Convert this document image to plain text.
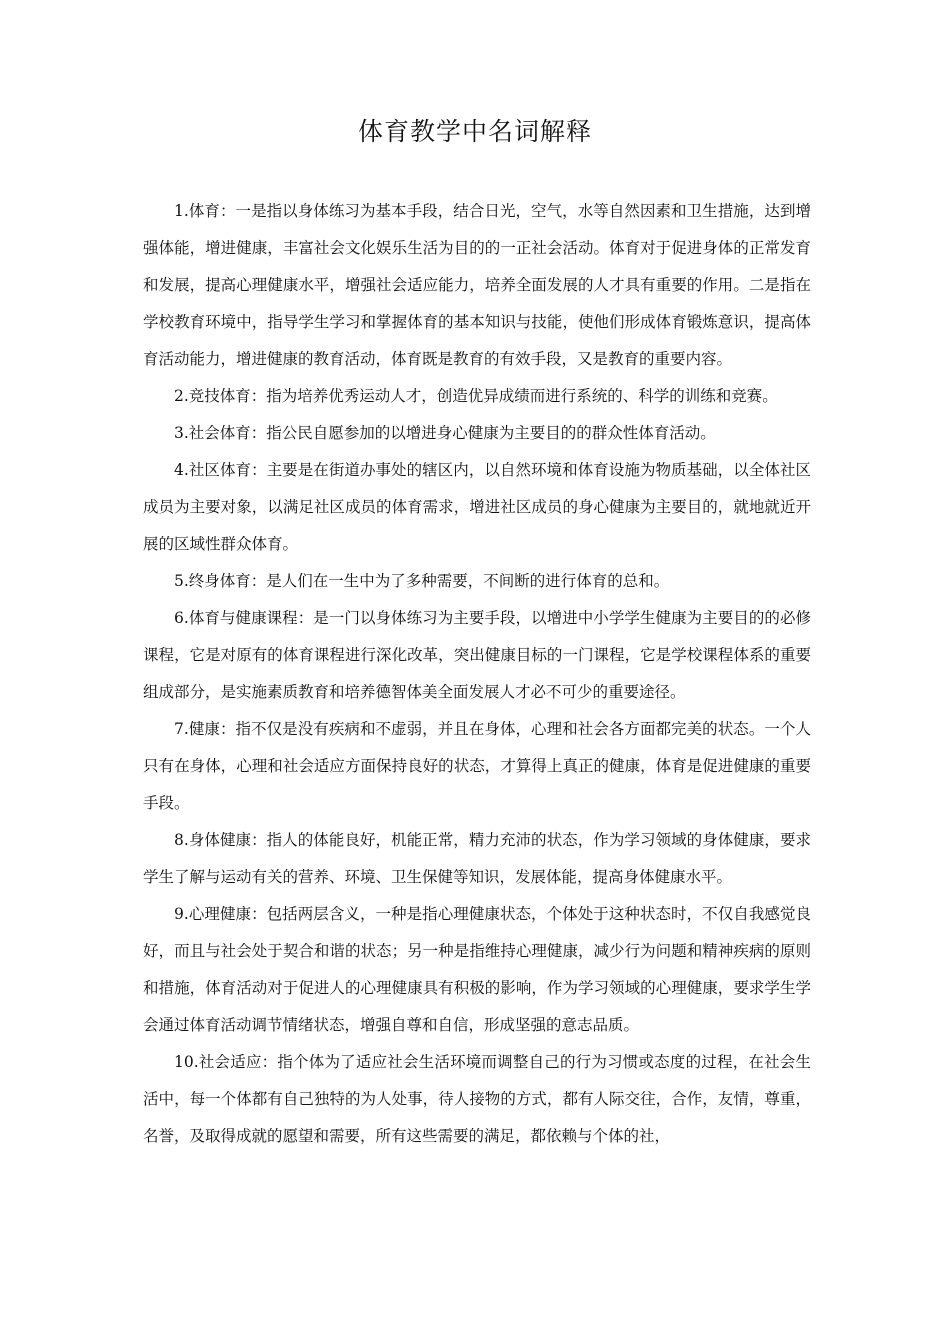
体育教学中名词解释

1.体育：一是指以身体练习为基本手段，结合日光，空气，水等自然因素和卫生措施，达到增强体能，增进健康，丰富社会文化娱乐生活为目的的一正社会活动。体育对于促进身体的正常发育和发展，提高心理健康水平，增强社会适应能力，培养全面发展的人才具有重要的作用。二是指在学校教育环境中，指导学生学习和掌握体育的基本知识与技能，使他们形成体育锻炼意识，提高体育活动能力，增进健康的教育活动，体育既是教育的有效手段，又是教育的重要内容。

2.竞技体育：指为培养优秀运动人才，创造优异成绩而进行系统的、科学的训练和竞赛。

3.社会体育：指公民自愿参加的以增进身心健康为主要目的的群众性体育活动。

4.社区体育：主要是在街道办事处的辖区内，以自然环境和体育设施为物质基础，以全体社区成员为主要对象，以满足社区成员的体育需求，增进社区成员的身心健康为主要目的，就地就近开展的区域性群众体育。

5.终身体育：是人们在一生中为了多种需要，不间断的进行体育的总和。

6.体育与健康课程：是一门以身体练习为主要手段，以增进中小学学生健康为主要目的的必修课程，它是对原有的体育课程进行深化改革，突出健康目标的一门课程，它是学校课程体系的重要组成部分，是实施素质教育和培养德智体美全面发展人才必不可少的重要途径。

7.健康：指不仅是没有疾病和不虚弱，并且在身体，心理和社会各方面都完美的状态。一个人只有在身体，心理和社会适应方面保持良好的状态，才算得上真正的健康，体育是促进健康的重要手段。

8.身体健康：指人的体能良好，机能正常，精力充沛的状态，作为学习领域的身体健康，要求学生了解与运动有关的营养、环境、卫生保健等知识，发展体能，提高身体健康水平。

9.心理健康：包括两层含义，一种是指心理健康状态，个体处于这种状态时，不仅自我感觉良好，而且与社会处于契合和谐的状态；另一种是指维持心理健康，减少行为问题和精神疾病的原则和措施，体育活动对于促进人的心理健康具有积极的影响，作为学习领域的心理健康，要求学生学会通过体育活动调节情绪状态，增强自尊和自信，形成坚强的意志品质。

10.社会适应：指个体为了适应社会生活环境而调整自己的行为习惯或态度的过程，在社会生活中，每一个体都有自己独特的为人处事，待人接物的方式，都有人际交往，合作，友情，尊重，名誉，及取得成就的愿望和需要，所有这些需要的满足，都依赖与个体的社，
